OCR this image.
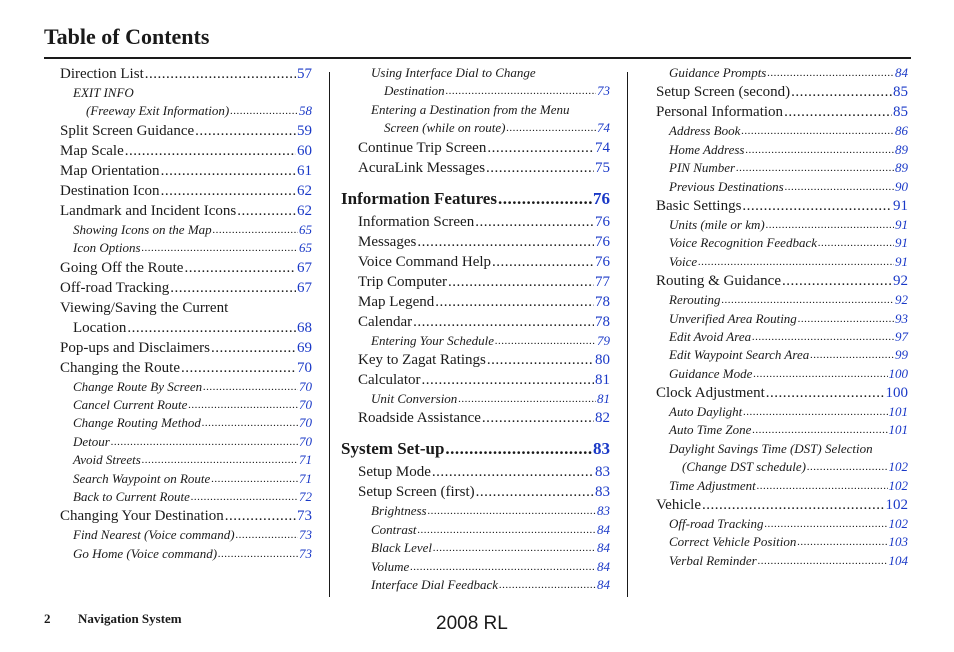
Table of Contents
Direction List .....	57
EXIT INFO
(Freeway Exit Information) .....	58
Split Screen Guidance .....	59
Map Scale .....	60
Map Orientation .....	61
Destination Icon .....	62
Landmark and Incident Icons .....	62
Showing Icons on the Map .....	65
Icon Options .....	65
Going Off the Route .....	67
Off-road Tracking .....	67
Viewing/Saving the Current
Location .....	68
Pop-ups and Disclaimers .....	69
Changing the Route .....	70
Change Route By Screen .....	70
Cancel Current Route .....	70
Change Routing Method .....	70
Detour .....	70
Avoid Streets .....	71
Search Waypoint on Route .....	71
Back to Current Route .....	72
Changing Your Destination .....	73
Find Nearest (Voice command) .....	73
Go Home (Voice command) .....	73
Using Interface Dial to Change
Destination .....	73
Entering a Destination from the Menu
Screen (while on route) .....	74
Continue Trip Screen .....	74
AcuraLink Messages .....	75
Information Features .....	76
Information Screen .....	76
Messages .....	76
Voice Command Help .....	76
Trip Computer .....	77
Map Legend .....	78
Calendar .....	78
Entering Your Schedule .....	79
Key to Zagat Ratings .....	80
Calculator .....	81
Unit Conversion .....	81
Roadside Assistance .....	82
System Set-up .....	83
Setup Mode .....	83
Setup Screen (first) .....	83
Brightness .....	83
Contrast .....	84
Black Level .....	84
Volume .....	84
Interface Dial Feedback .....	84
Guidance Prompts .....	84
Setup Screen (second) .....	85
Personal Information .....	85
Address Book .....	86
Home Address .....	89
PIN Number .....	89
Previous Destinations .....	90
Basic Settings .....	91
Units (mile or km) .....	91
Voice Recognition Feedback .....	91
Voice .....	91
Routing & Guidance .....	92
Rerouting .....	92
Unverified Area Routing .....	93
Edit Avoid Area .....	97
Edit Waypoint Search Area .....	99
Guidance Mode .....	100
Clock Adjustment .....	100
Auto Daylight .....	101
Auto Time Zone .....	101
Daylight Savings Time (DST) Selection
(Change DST schedule) .....	102
Time Adjustment .....	102
Vehicle .....	102
Off-road Tracking .....	102
Correct Vehicle Position .....	103
Verbal Reminder .....	104
2 Navigation System	2008 RL
